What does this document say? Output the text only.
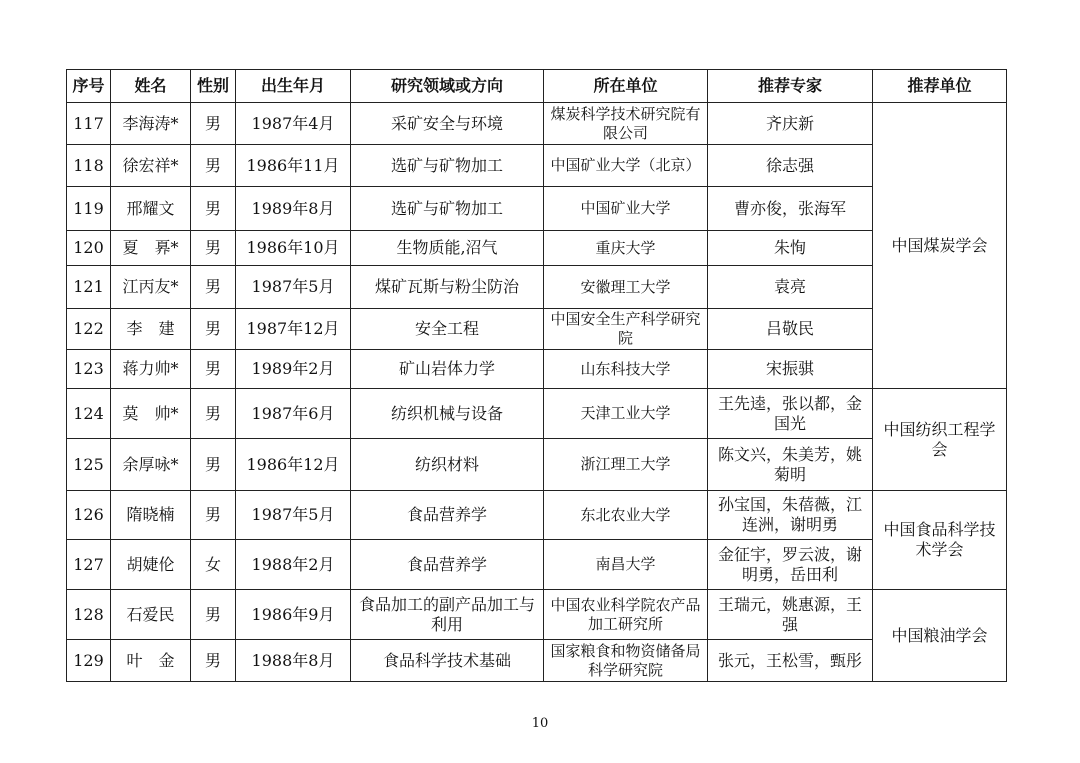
序号	姓名	性别	出生年月	研究领域或方向	所在单位	推荐专家	推荐单位
117	李海涛*	男	1987年4月	采矿安全与环境	煤炭科学技术研究院有限公司	齐庆新	中国煤炭学会
118	徐宏祥*	男	1986年11月	选矿与矿物加工	中国矿业大学（北京）	徐志强	
119	邢耀文	男	1989年8月	选矿与矿物加工	中国矿业大学	曹亦俊，张海军	
120	夏　奡*	男	1986年10月	生物质能,沼气	重庆大学	朱恂	
121	江丙友*	男	1987年5月	煤矿瓦斯与粉尘防治	安徽理工大学	袁亮	
122	李　建	男	1987年12月	安全工程	中国安全生产科学研究院	吕敬民	
123	蒋力帅*	男	1989年2月	矿山岩体力学	山东科技大学	宋振骐	
124	莫　帅*	男	1987年6月	纺织机械与设备	天津工业大学	王先逵，张以都，金国光	中国纺织工程学会
125	余厚咏*	男	1986年12月	纺织材料	浙江理工大学	陈文兴，朱美芳，姚菊明	
126	隋晓楠	男	1987年5月	食品营养学	东北农业大学	孙宝国，朱蓓薇，江连洲，谢明勇	中国食品科学技术学会
127	胡婕伦	女	1988年2月	食品营养学	南昌大学	金征宇，罗云波，谢明勇，岳田利	
128	石爱民	男	1986年9月	食品加工的副产品加工与利用	中国农业科学院农产品加工研究所	王瑞元，姚惠源，王强	中国粮油学会
129	叶　金	男	1988年8月	食品科学技术基础	国家粮食和物资储备局科学研究院	张元，王松雪，甄彤	
10
